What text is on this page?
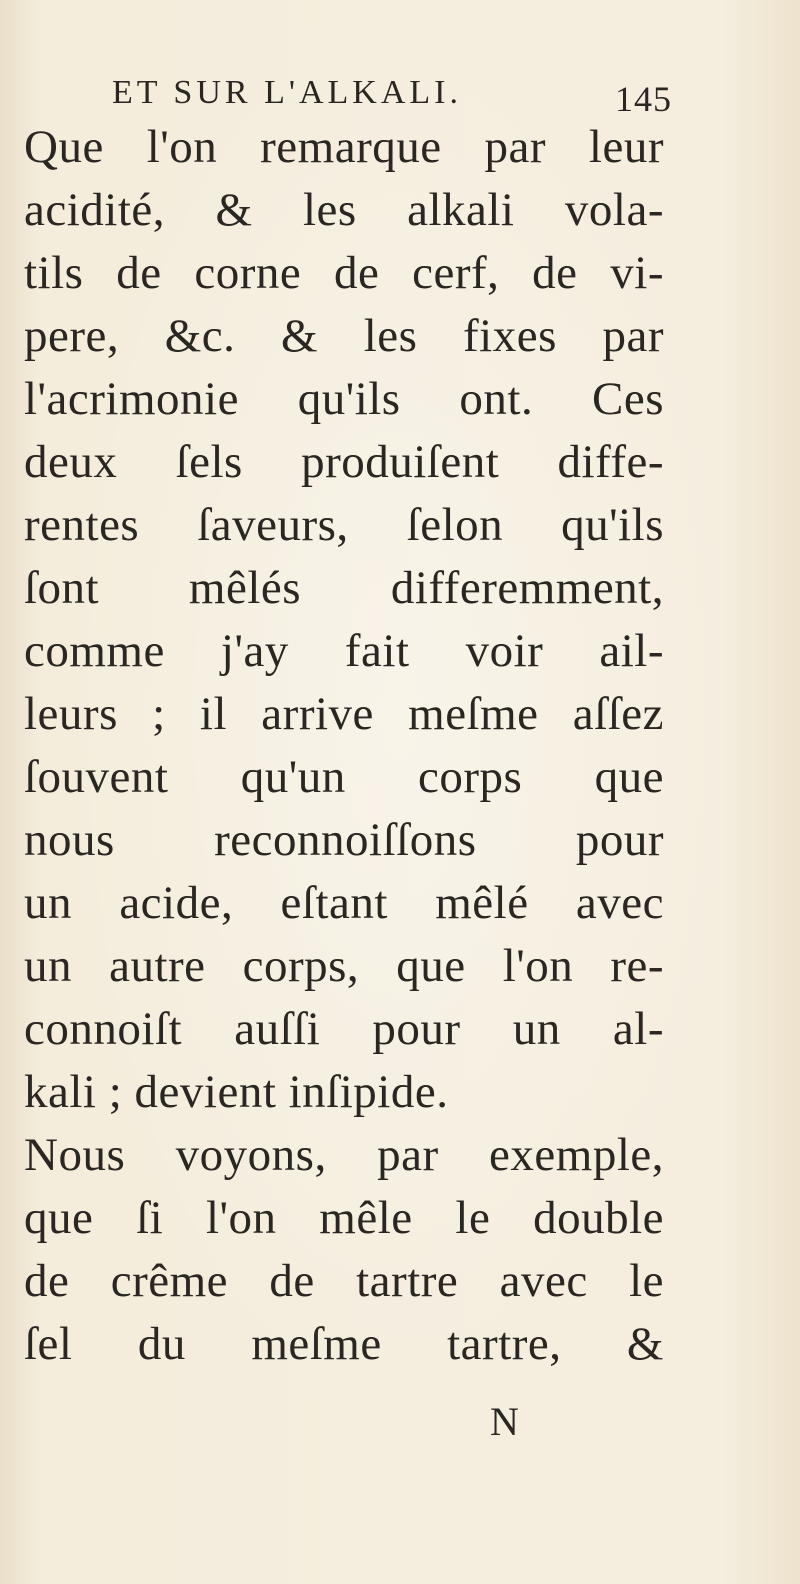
ET SUR L'ALKALI.	145
Que l'on remarque par leur
acidité, & les alkali vola-
tils de corne de cerf, de vi-
pere, &c. & les fixes par
l'acrimonie qu'ils ont. Ces
deux ſels produiſent diffe-
rentes ſaveurs, ſelon qu'ils
ſont mêlés differemment,
comme j'ay fait voir ail-
leurs ; il arrive meſme aſſez
ſouvent qu'un corps que
nous reconnoiſſons pour
un acide, eſtant mêlé avec
un autre corps, que l'on re-
connoiſt auſſi pour un al-
kali ; devient inſipide.
Nous voyons, par exemple,
que ſi l'on mêle le double
de crême de tartre avec le
ſel du meſme tartre, &
N
